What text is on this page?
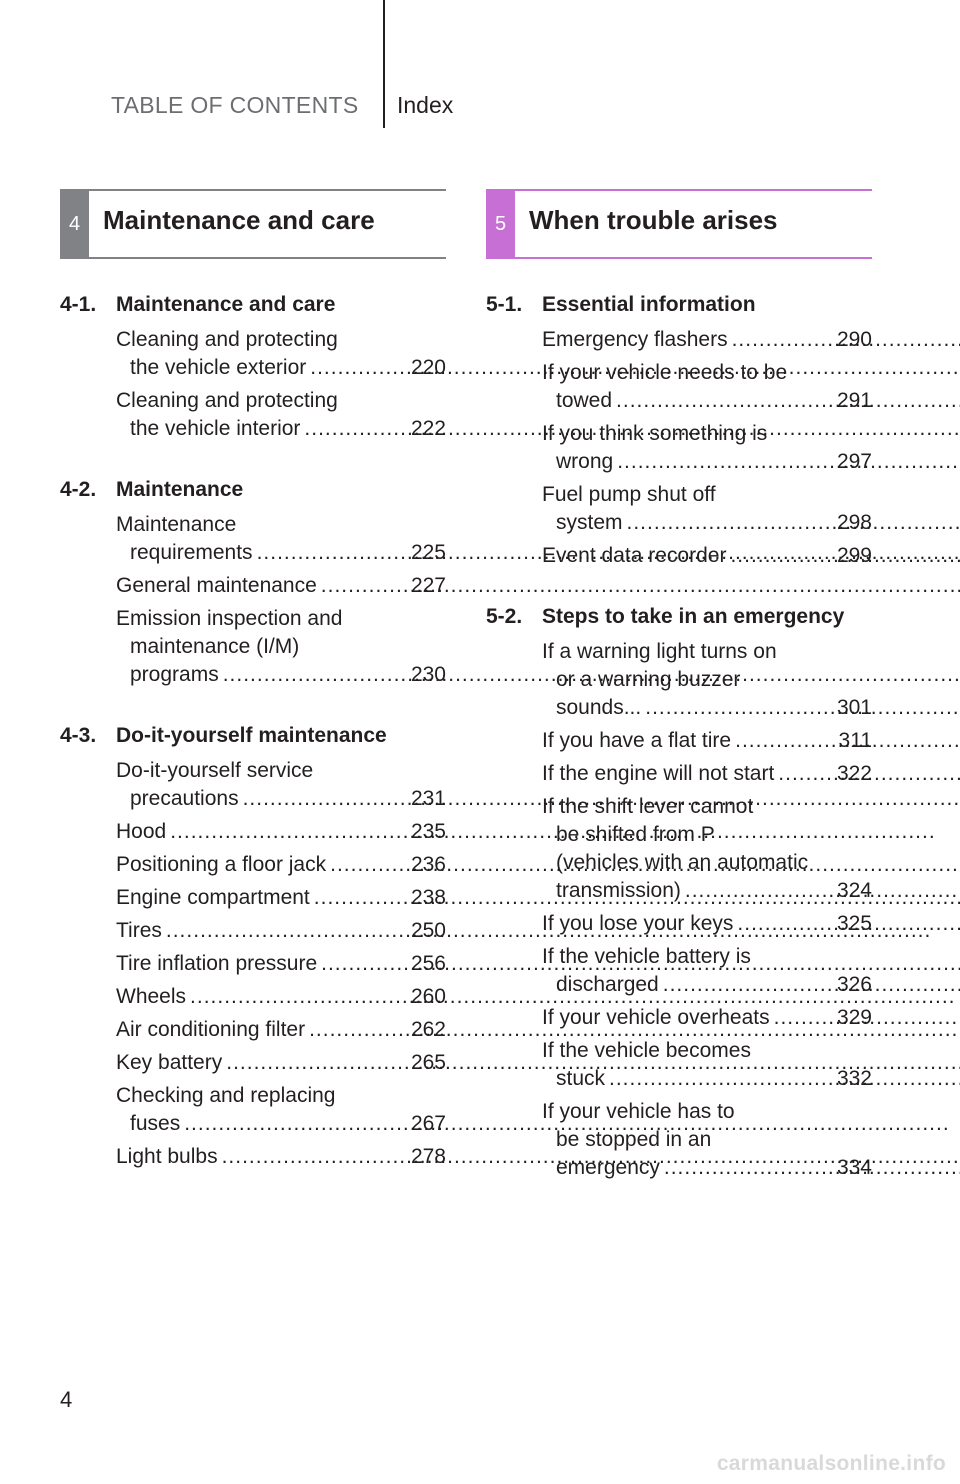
TABLE OF CONTENTS Index
4 Maintenance and care
4-1. Maintenance and care
Cleaning and protecting
the vehicle exterior .....	220
Cleaning and protecting
the vehicle interior .....	222
4-2. Maintenance
Maintenance
requirements .....	225
General maintenance .....	227
Emission inspection and
maintenance (I/M)
programs .....	230
4-3. Do-it-yourself maintenance
Do-it-yourself service
precautions .....	231
Hood .....	235
Positioning a floor jack .....	236
Engine compartment .....	238
Tires .....	250
Tire inflation pressure .....	256
Wheels .....	260
Air conditioning filter .....	262
Key battery .....	265
Checking and replacing
fuses .....	267
Light bulbs .....	278
5 When trouble arises
5-1. Essential information
Emergency flashers .....	290
If your vehicle needs to be
towed .....	291
If you think something is
wrong .....	297
Fuel pump shut off
system .....	298
Event data recorder .....	299
5-2. Steps to take in an emergency
If a warning light turns on
or a warning buzzer
sounds... .....	301
If you have a flat tire .....	311
If the engine will not start .....	322
If the shift lever cannot
be shifted from P
(vehicles with an automatic
transmission) .....	324
If you lose your keys .....	325
If the vehicle battery is
discharged .....	326
If your vehicle overheats .....	329
If the vehicle becomes
stuck .....	332
If your vehicle has to
be stopped in an
emergency .....	334
4
carmanualsonline.info
